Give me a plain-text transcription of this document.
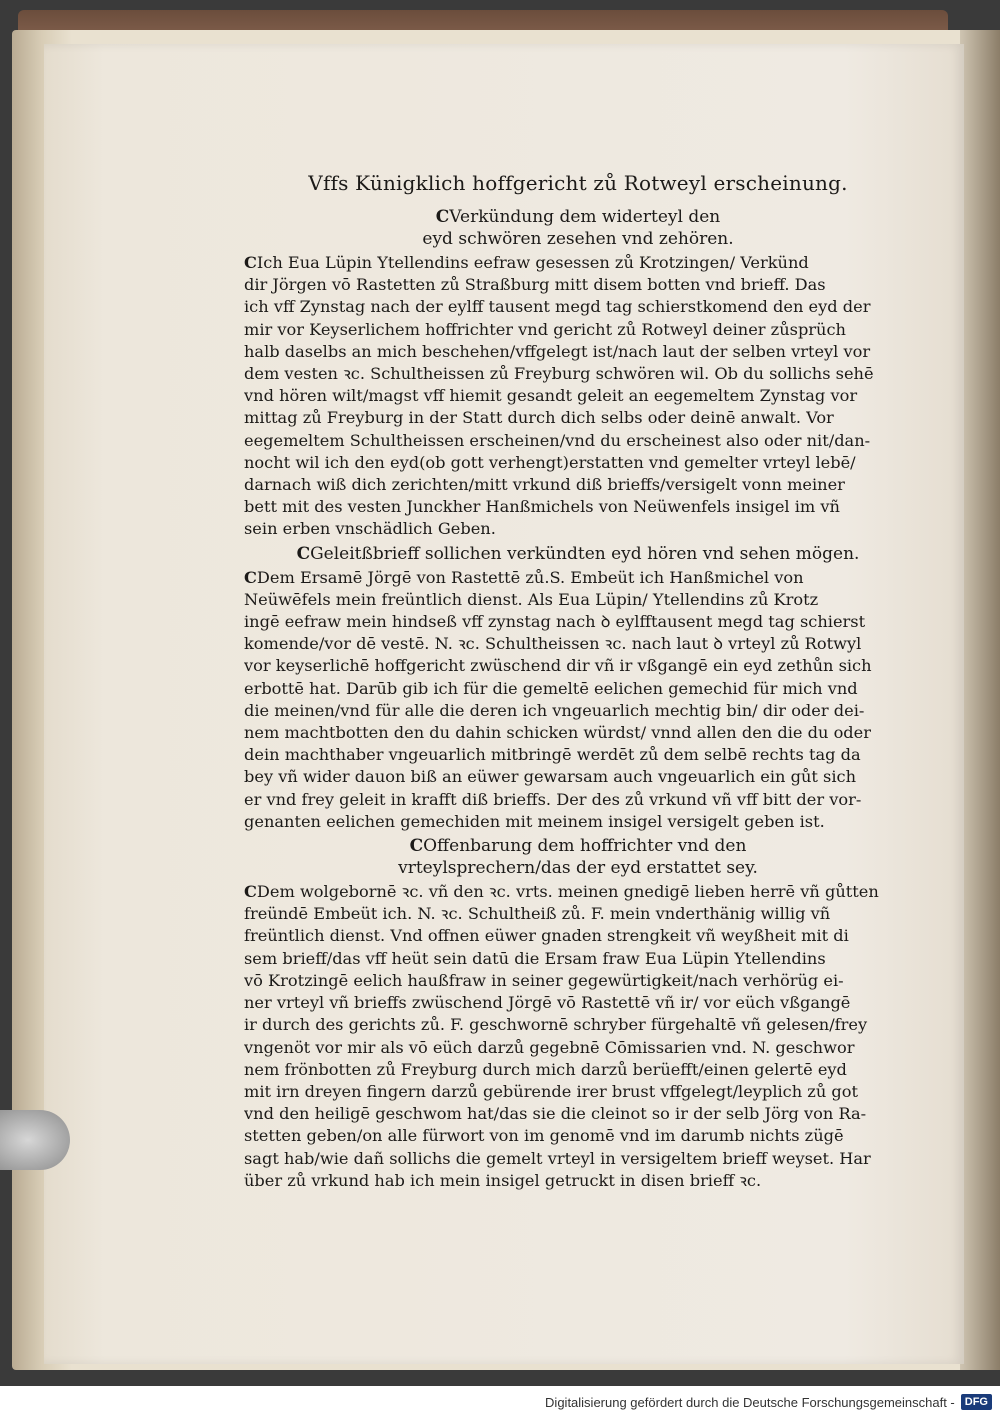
Vffs Künigklich hoffgericht zů Rotweyl erscheinung.
CVerkündung dem widerteyl den
eyd schwören zesehen vnd zehören.
CIch Eua Lüpin Ytellendins eefraw gesessen zů Krotzingen/ Verkünd
dir Jörgen vō Rastetten zů Straßburg mitt disem botten vnd brieff. Das
ich vff Zynstag nach der eylff tausent megd tag schierstkomend den eyd der
mir vor Keyserlichem hoffrichter vnd gericht zů Rotweyl deiner zůsprüch
halb daselbs an mich beschehen/vffgelegt ist/nach laut der selben vrteyl vor
dem vesten ꝛc. Schultheissen zů Freyburg schwören wil. Ob du sollichs sehē
vnd hören wilt/magst vff hiemit gesandt geleit an eegemeltem Zynstag vor
mittag zů Freyburg in der Statt durch dich selbs oder deinē anwalt. Vor
eegemeltem Schultheissen erscheinen/vnd du erscheinest also oder nit/dan-
nocht wil ich den eyd(ob gott verhengt)erstatten vnd gemelter vrteyl lebē/
darnach wiß dich zerichten/mitt vrkund diß brieffs/versigelt vonn meiner
bett mit des vesten Junckher Hanßmichels von Neüwenfels insigel im vñ
sein erben vnschädlich Geben.
CGeleitßbrieff sollichen verkündten eyd hören vnd sehen mögen.
CDem Ersamē Jörgē von Rastettē zů.S. Embeüt ich Hanßmichel von
Neüwēfels mein freüntlich dienst. Als Eua Lüpin/ Ytellendins zů Krotz
ingē eefraw mein hindseß vff zynstag nach ꝺ eylfftausent megd tag schierst
komende/vor dē vestē. N. ꝛc. Schultheissen ꝛc. nach laut ꝺ vrteyl zů Rotwyl
vor keyserlichē hoffgericht zwüschend dir vñ ir vßgangē ein eyd zethůn sich
erbottē hat. Darūb gib ich für die gemeltē eelichen gemechid für mich vnd
die meinen/vnd für alle die deren ich vngeuarlich mechtig bin/ dir oder dei-
nem machtbotten den du dahin schicken würdst/ vnnd allen den die du oder
dein machthaber vngeuarlich mitbringē werdēt zů dem selbē rechts tag da
bey vñ wider dauon biß an eüwer gewarsam auch vngeuarlich ein gůt sich
er vnd frey geleit in krafft diß brieffs. Der des zů vrkund vñ vff bitt der vor-
genanten eelichen gemechiden mit meinem insigel versigelt geben ist.
COffenbarung dem hoffrichter vnd den
vrteylsprechern/das der eyd erstattet sey.
CDem wolgebornē ꝛc. vñ den ꝛc. vrts. meinen gnedigē lieben herrē vñ gůtten
freündē Embeüt ich. N. ꝛc. Schultheiß zů. F. mein vnderthänig willig vñ
freüntlich dienst. Vnd offnen eüwer gnaden strengkeit vñ weyßheit mit di
sem brieff/das vff heüt sein datū die Ersam fraw Eua Lüpin Ytellendins
vō Krotzingē eelich haußfraw in seiner gegewürtigkeit/nach verhörüg ei-
ner vrteyl vñ brieffs zwüschend Jörgē vō Rastettē vñ ir/ vor eüch vßgangē
ir durch des gerichts zů. F. geschwornē schryber fürgehaltē vñ gelesen/frey
vngenöt vor mir als vō eüch darzů gegebnē Cōmissarien vnd. N. geschwor
nem frönbotten zů Freyburg durch mich darzů berüefft/einen gelertē eyd
mit irn dreyen fingern darzů gebürende irer brust vffgelegt/leyplich zů got
vnd den heiligē geschwom hat/das sie die cleinot so ir der selb Jörg von Ra-
stetten geben/on alle fürwort von im genomē vnd im darumb nichts zügē
sagt hab/wie dañ sollichs die gemelt vrteyl in versigeltem brieff weyset. Har
über zů vrkund hab ich mein insigel getruckt in disen brieff ꝛc.
Digitalisierung gefördert durch die Deutsche Forschungsgemeinschaft - DFG
